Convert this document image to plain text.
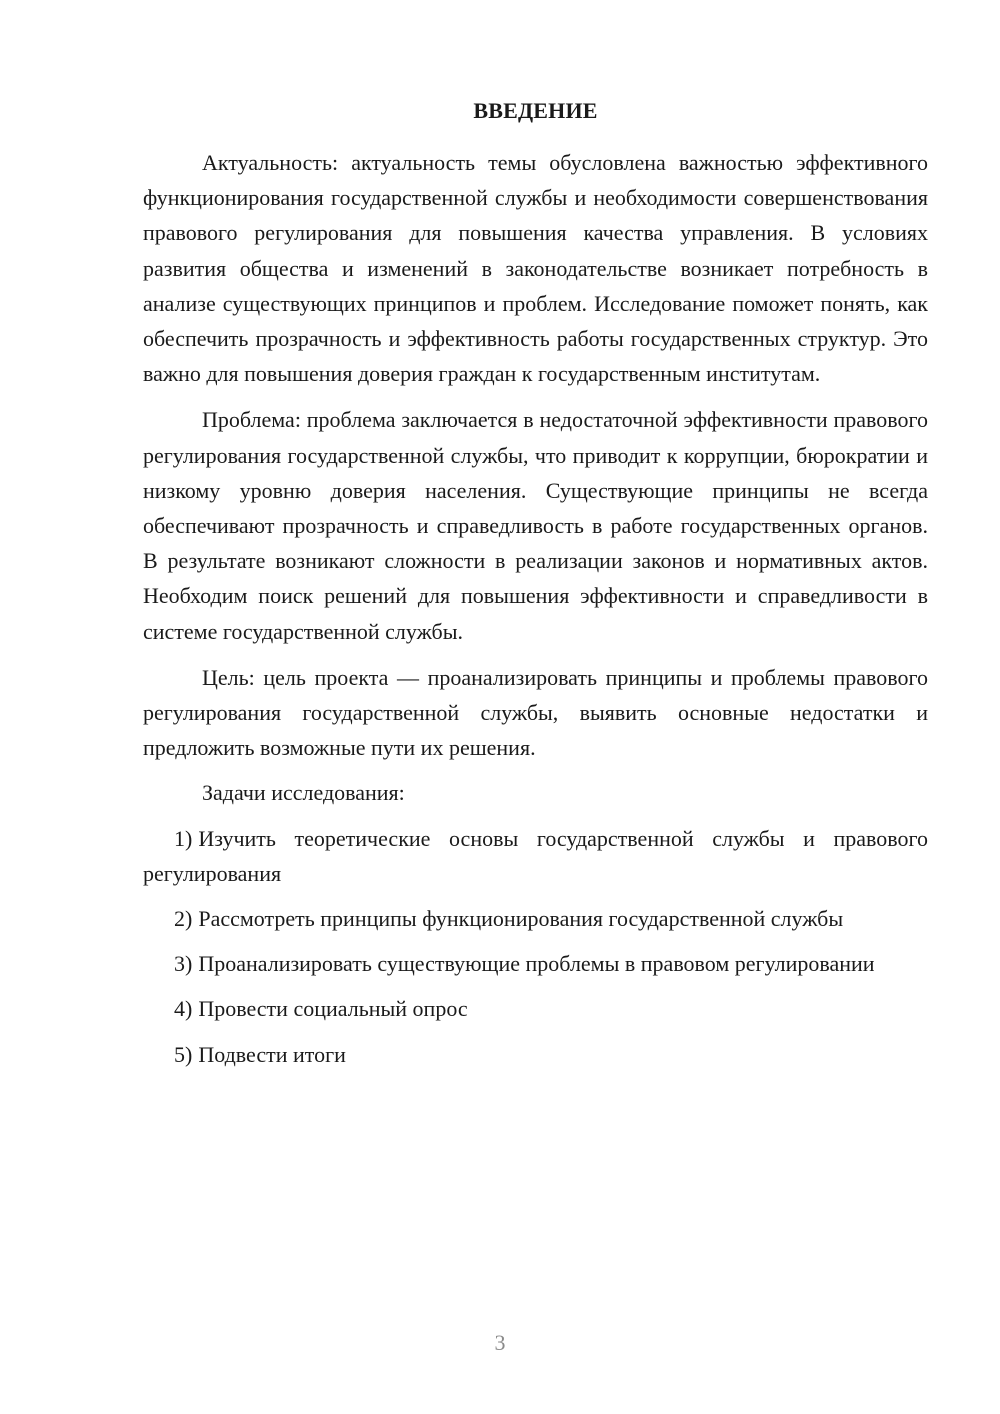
ВВЕДЕНИЕ

Актуальность: актуальность темы обусловлена важностью эффективного функционирования государственной службы и необходимости совершенствования правового регулирования для повышения качества управления. В условиях развития общества и изменений в законодательстве возникает потребность в анализе существующих принципов и проблем. Исследование поможет понять, как обеспечить прозрачность и эффективность работы государственных структур. Это важно для повышения доверия граждан к государственным институтам.

Проблема: проблема заключается в недостаточной эффективности правового регулирования государственной службы, что приводит к коррупции, бюрократии и низкому уровню доверия населения. Существующие принципы не всегда обеспечивают прозрачность и справедливость в работе государственных органов. В результате возникают сложности в реализации законов и нормативных актов. Необходим поиск решений для повышения эффективности и справедливости в системе государственной службы.

Цель: цель проекта — проанализировать принципы и проблемы правового регулирования государственной службы, выявить основные недостатки и предложить возможные пути их решения.

Задачи исследования:

1) Изучить теоретические основы государственной службы и правового регулирования
2) Рассмотреть принципы функционирования государственной службы
3) Проанализировать существующие проблемы в правовом регулировании
4) Провести социальный опрос
5) Подвести итоги
3
